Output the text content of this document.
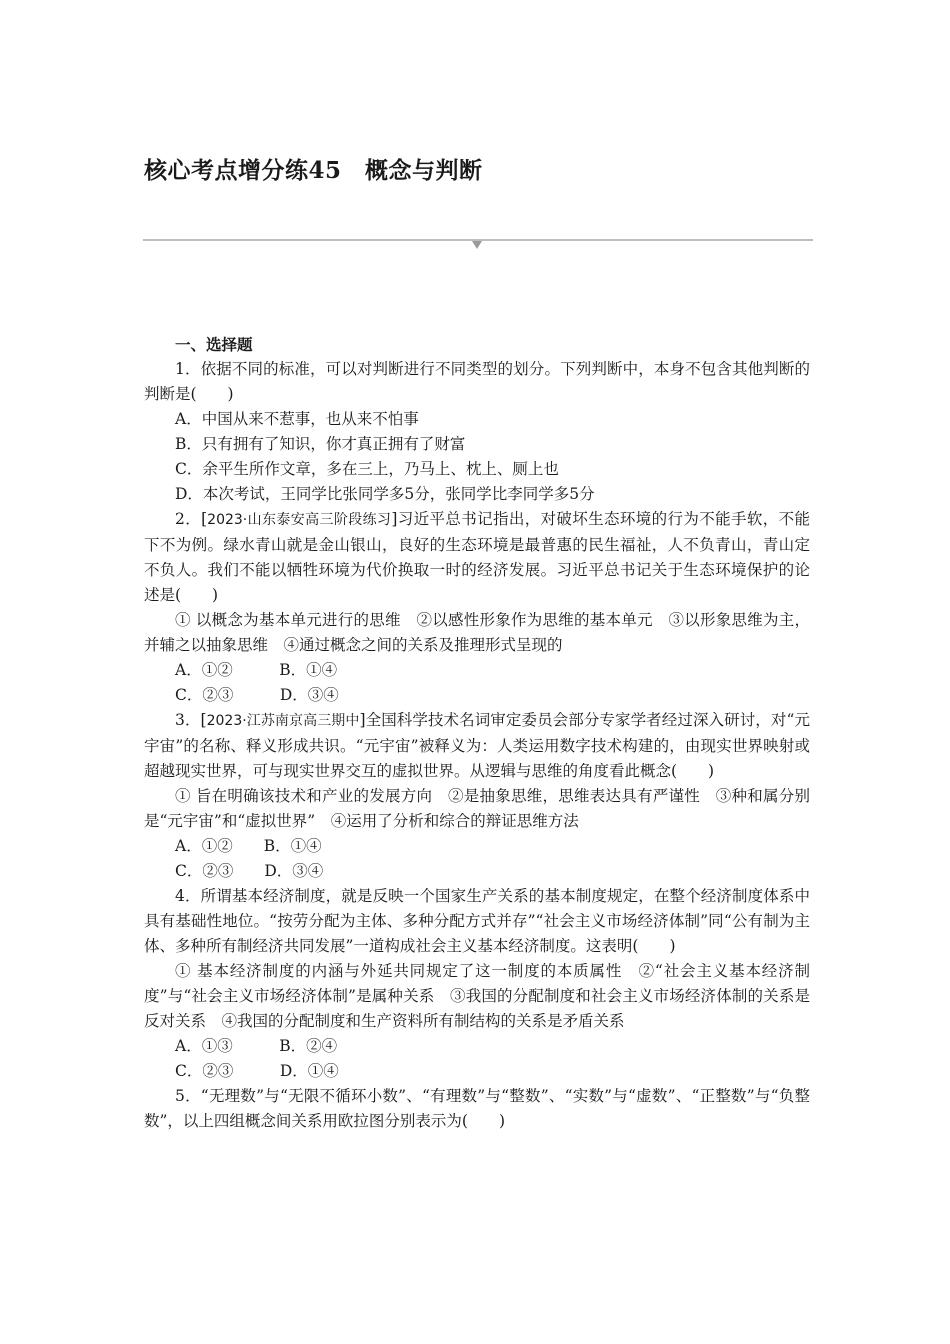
核心考点增分练45　概念与判断

一、选择题

1．依据不同的标准，可以对判断进行不同类型的划分。下列判断中，本身不包含其他判断的判断是(　　)

A．中国从来不惹事，也从来不怕事

B．只有拥有了知识，你才真正拥有了财富

C．余平生所作文章，多在三上，乃马上、枕上、厕上也

D．本次考试，王同学比张同学多5分，张同学比李同学多5分

2．[2023·山东泰安高三阶段练习]习近平总书记指出，对破坏生态环境的行为不能手软，不能下不为例。绿水青山就是金山银山，良好的生态环境是最普惠的民生福祉，人不负青山，青山定不负人。我们不能以牺牲环境为代价换取一时的经济发展。习近平总书记关于生态环境保护的论述是(　　)

① 以概念为基本单元进行的思维　②以感性形象作为思维的基本单元　③以形象思维为主，并辅之以抽象思维　④通过概念之间的关系及推理形式呈现的

A．①②　　　B．①④

C．②③　　　D．③④

3．[2023·江苏南京高三期中]全国科学技术名词审定委员会部分专家学者经过深入研讨，对“元宇宙”的名称、释义形成共识。“元宇宙”被释义为：人类运用数字技术构建的，由现实世界映射或超越现实世界，可与现实世界交互的虚拟世界。从逻辑与思维的角度看此概念(　　)

① 旨在明确该技术和产业的发展方向　②是抽象思维，思维表达具有严谨性　③种和属分别是“元宇宙”和“虚拟世界”　④运用了分析和综合的辩证思维方法

A．①②　　B．①④

C．②③　　D．③④

4．所谓基本经济制度，就是反映一个国家生产关系的基本制度规定，在整个经济制度体系中具有基础性地位。“按劳分配为主体、多种分配方式并存”“社会主义市场经济体制”同“公有制为主体、多种所有制经济共同发展”一道构成社会主义基本经济制度。这表明(　　)

① 基本经济制度的内涵与外延共同规定了这一制度的本质属性　②“社会主义基本经济制度”与“社会主义市场经济体制”是属种关系　③我国的分配制度和社会主义市场经济体制的关系是反对关系　④我国的分配制度和生产资料所有制结构的关系是矛盾关系

A．①③　　　B．②④

C．②③　　　D．①④

5．“无理数”与“无限不循环小数”、“有理数”与“整数”、“实数”与“虚数”、“正整数”与“负整数”，以上四组概念间关系用欧拉图分别表示为(　　)
